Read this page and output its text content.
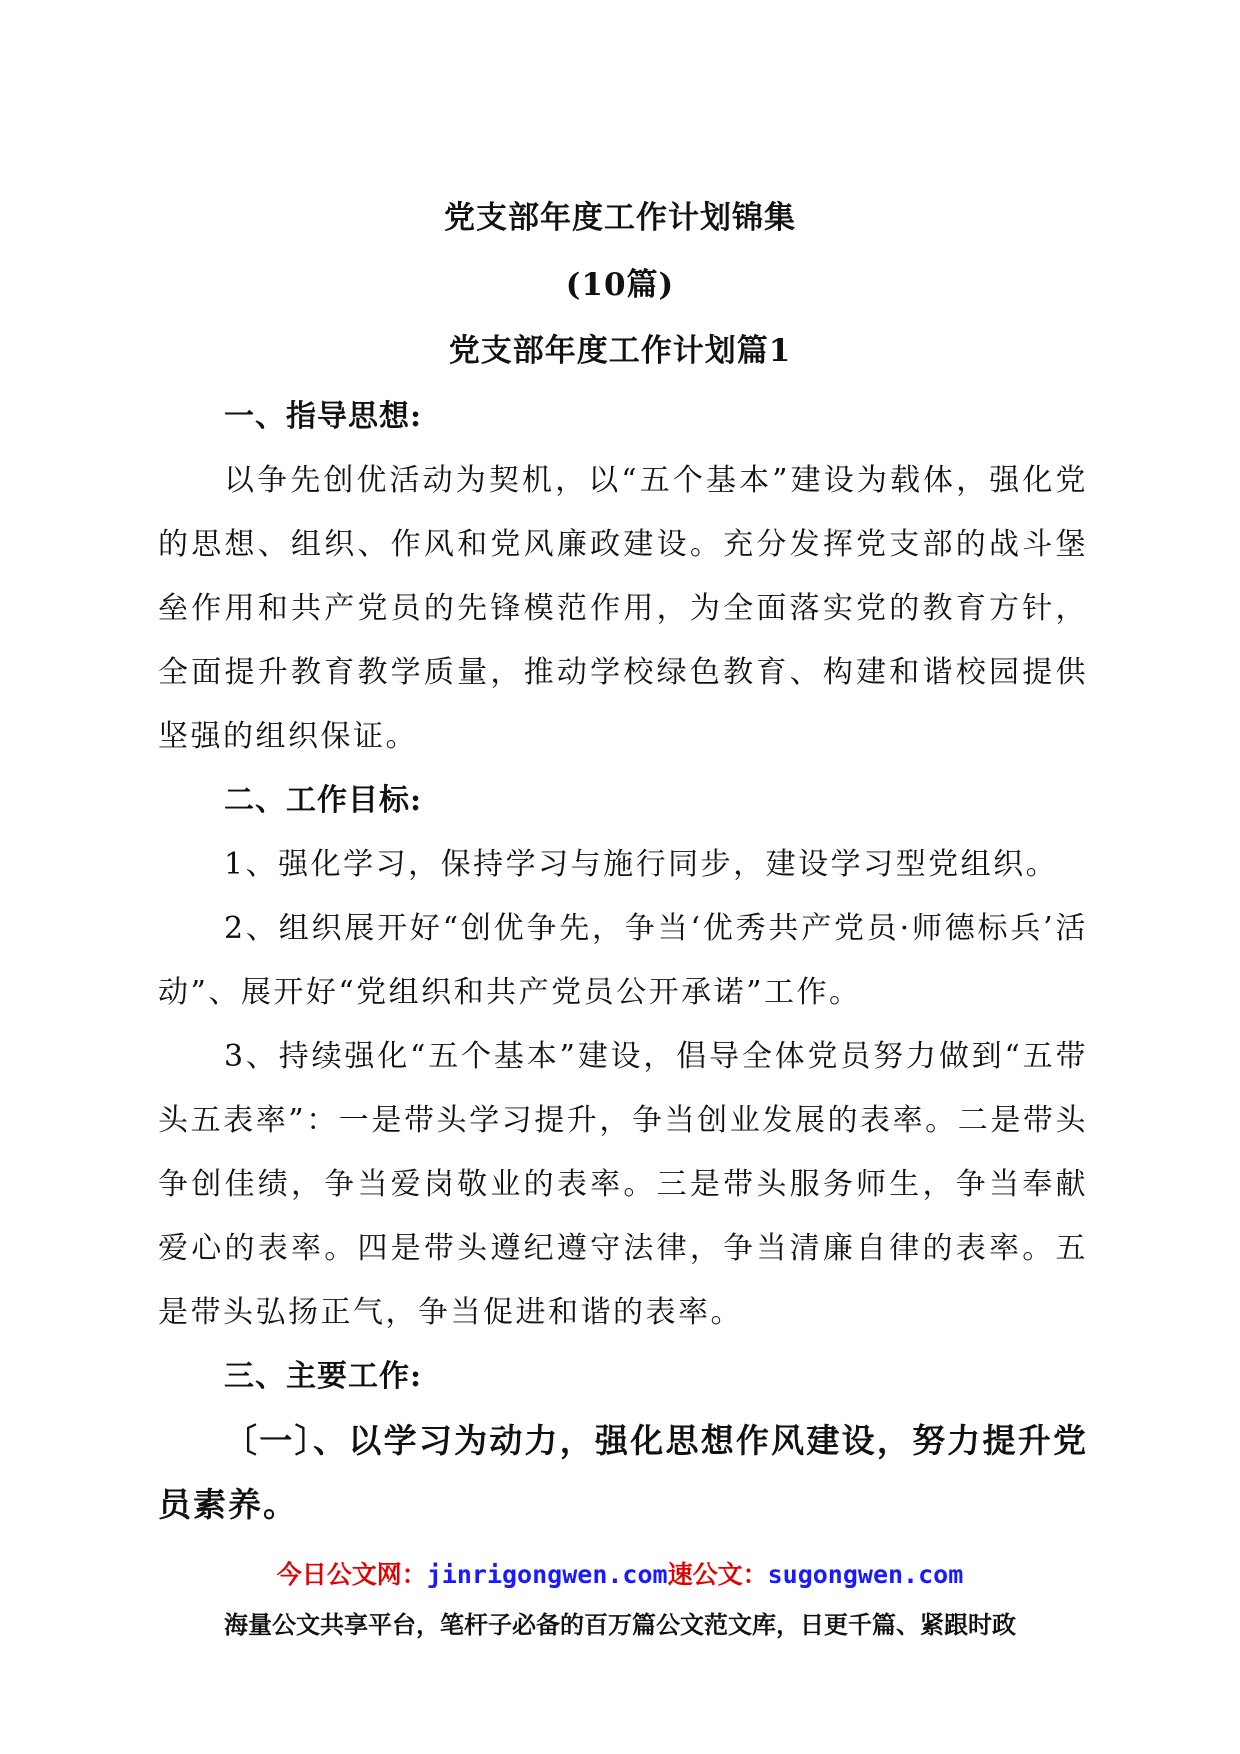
党支部年度工作计划锦集
(10篇)
党支部年度工作计划篇1

一、指导思想:

以争先创优活动为契机，以“五个基本”建设为载体，强化党的思想、组织、作风和党风廉政建设。充分发挥党支部的战斗堡垒作用和共产党员的先锋模范作用，为全面落实党的教育方针，全面提升教育教学质量，推动学校绿色教育、构建和谐校园提供坚强的组织保证。

二、工作目标:

1、强化学习，保持学习与施行同步，建设学习型党组织。

2、组织展开好“创优争先，争当‘优秀共产党员·师德标兵’活动”、展开好“党组织和共产党员公开承诺”工作。

3、持续强化“五个基本”建设，倡导全体党员努力做到“五带头五表率”：一是带头学习提升，争当创业发展的表率。二是带头争创佳绩，争当爱岗敬业的表率。三是带头服务师生，争当奉献爱心的表率。四是带头遵纪遵守法律，争当清廉自律的表率。五是带头弘扬正气，争当促进和谐的表率。

三、主要工作:

〔一〕、以学习为动力，强化思想作风建设，努力提升党员素养。

今日公文网：jinrigongwen.com速公文：sugongwen.com
海量公文共享平台，笔杆子必备的百万篇公文范文库，日更千篇、紧跟时政
